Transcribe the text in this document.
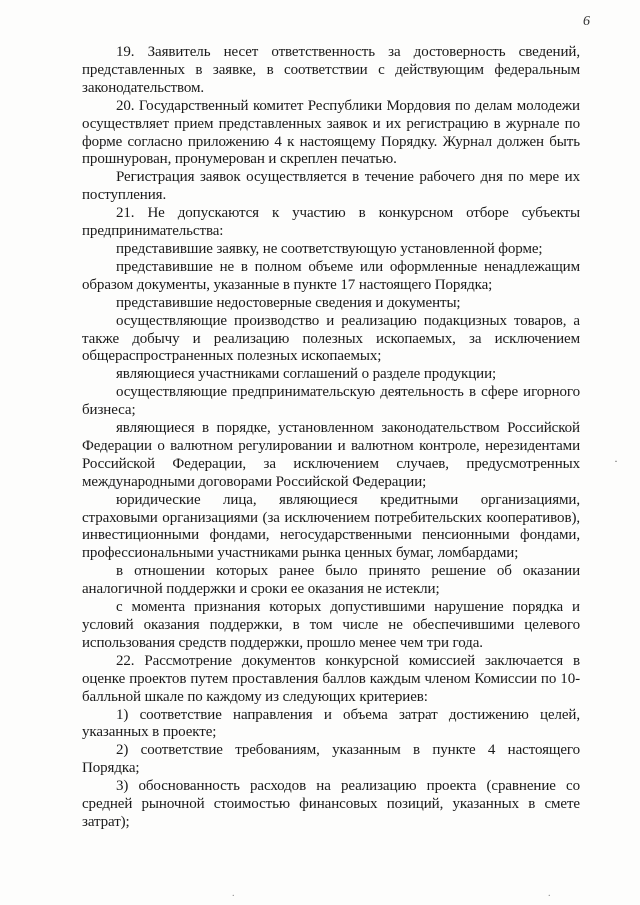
6

19. Заявитель несет ответственность за достоверность сведений, представленных в заявке, в соответствии с действующим федеральным законодательством.

20. Государственный комитет Республики Мордовия по делам молодежи осуществляет прием представленных заявок и их регистрацию в журнале по форме согласно приложению 4 к настоящему Порядку. Журнал должен быть прошнурован, пронумерован и скреплен печатью.

Регистрация заявок осуществляется в течение рабочего дня по мере их поступления.

21. Не допускаются к участию в конкурсном отборе субъекты предпринимательства:

представившие заявку, не соответствующую установленной форме;

представившие не в полном объеме или оформленные ненадлежащим образом документы, указанные в пункте 17 настоящего Порядка;

представившие недостоверные сведения и документы;

осуществляющие производство и реализацию подакцизных товаров, а также добычу и реализацию полезных ископаемых, за исключением общераспространенных полезных ископаемых;

являющиеся участниками соглашений о разделе продукции;

осуществляющие предпринимательскую деятельность в сфере игорного бизнеса;

являющиеся в порядке, установленном законодательством Российской Федерации о валютном регулировании и валютном контроле, нерезидентами Российской Федерации, за исключением случаев, предусмотренных международными договорами Российской Федерации;

юридические лица, являющиеся кредитными организациями, страховыми организациями (за исключением потребительских кооперативов), инвестиционными фондами, негосударственными пенсионными фондами, профессиональными участниками рынка ценных бумаг, ломбардами;

в отношении которых ранее было принято решение об оказании аналогичной поддержки и сроки ее оказания не истекли;

с момента признания которых допустившими нарушение порядка и условий оказания поддержки, в том числе не обеспечившими целевого использования средств поддержки, прошло менее чем три года.

22. Рассмотрение документов конкурсной комиссией заключается в оценке проектов путем проставления баллов каждым членом Комиссии по 10-балльной шкале по каждому из следующих критериев:

1) соответствие направления и объема затрат достижению целей, указанных в проекте;

2) соответствие требованиям, указанным в пункте 4 настоящего Порядка;

3) обоснованность расходов на реализацию проекта (сравнение со средней рыночной стоимостью финансовых позиций, указанных в смете затрат);

·
.	.
